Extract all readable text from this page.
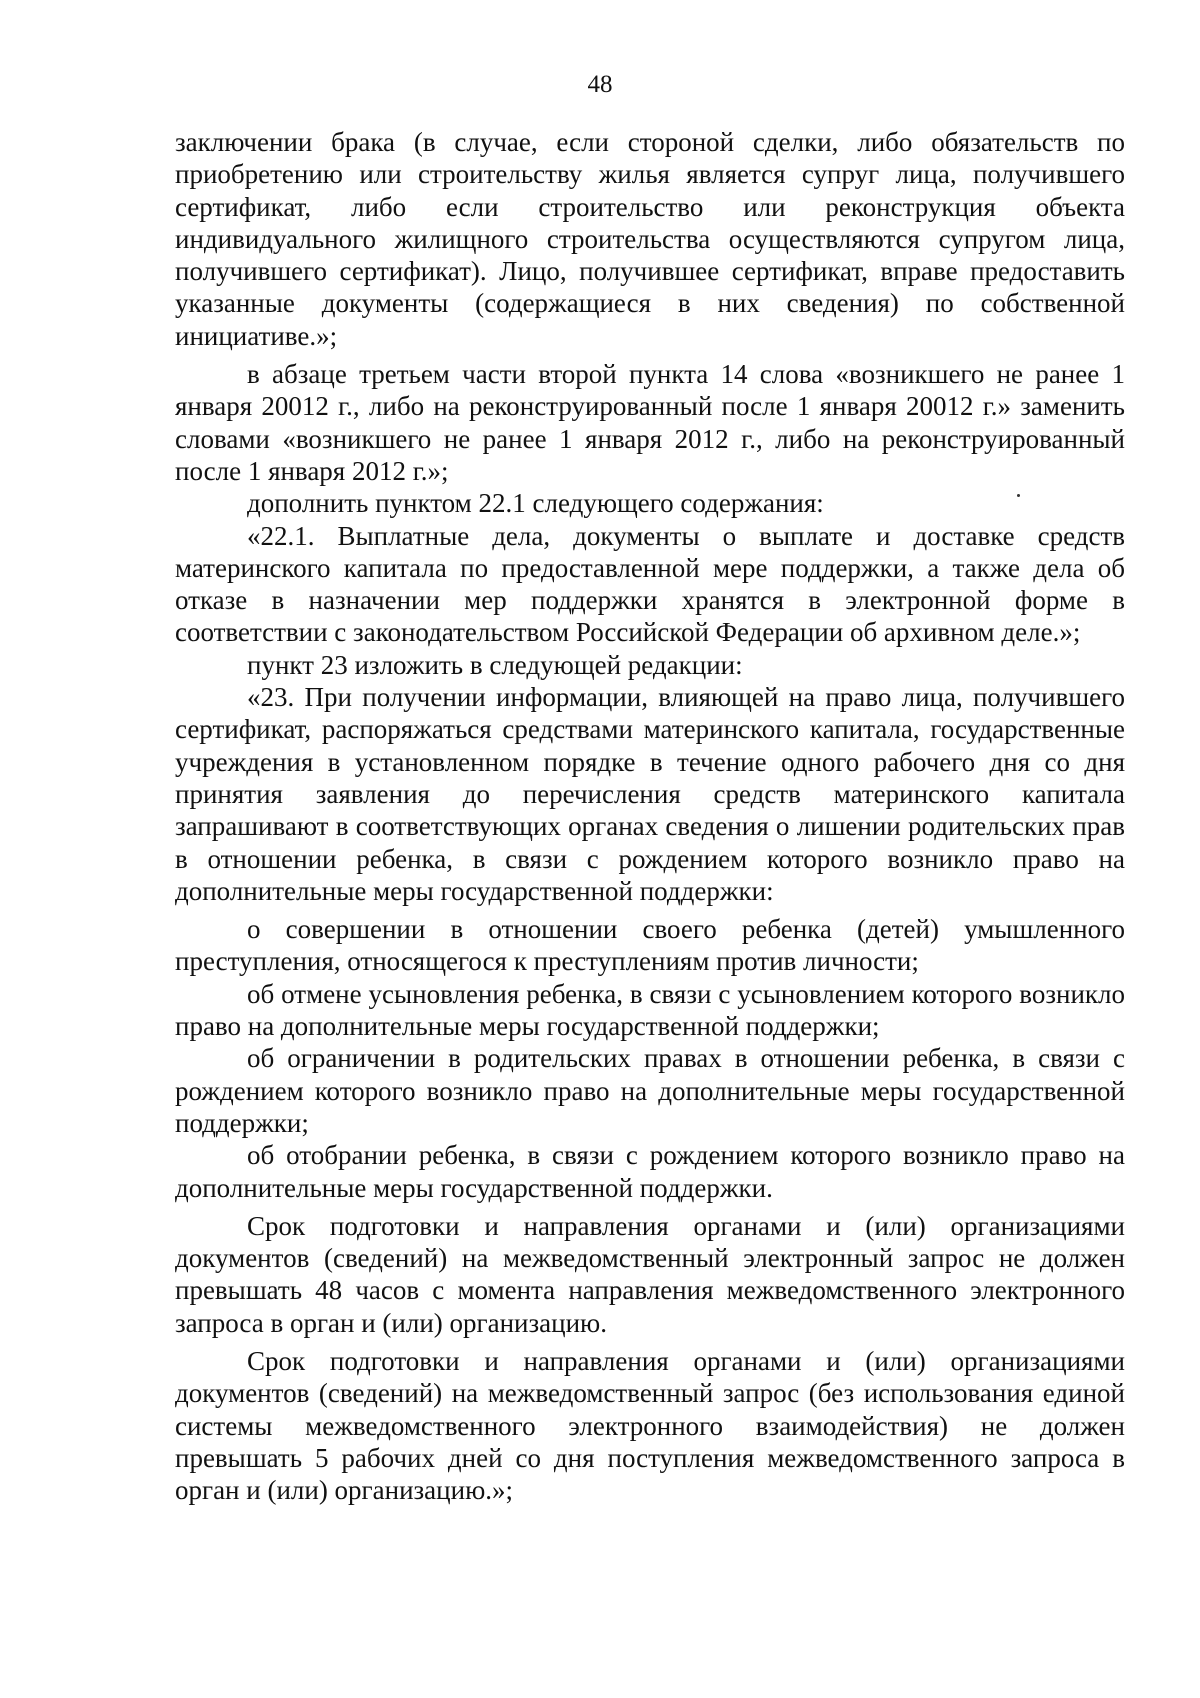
48

заключении брака (в случае, если стороной сделки, либо обязательств по приобретению или строительству жилья является супруг лица, получившего сертификат, либо если строительство или реконструкция объекта индивидуального жилищного строительства осуществляются супругом лица, получившего сертификат). Лицо, получившее сертификат, вправе предоставить указанные документы (содержащиеся в них сведения) по собственной инициативе.»;

в абзаце третьем части второй пункта 14 слова «возникшего не ранее 1 января 20012 г., либо на реконструированный после 1 января 20012 г.» заменить словами «возникшего не ранее 1 января 2012 г., либо на реконструированный после 1 января 2012 г.»;

дополнить пунктом 22.1 следующего содержания:

«22.1. Выплатные дела, документы о выплате и доставке средств материнского капитала по предоставленной мере поддержки, а также дела об отказе в назначении мер поддержки хранятся в электронной форме в соответствии с законодательством Российской Федерации об архивном деле.»;

пункт 23 изложить в следующей редакции:

«23. При получении информации, влияющей на право лица, получившего сертификат, распоряжаться средствами материнского капитала, государственные учреждения в установленном порядке в течение одного рабочего дня со дня принятия заявления до перечисления средств материнского капитала запрашивают в соответствующих органах сведения о лишении родительских прав в отношении ребенка, в связи с рождением которого возникло право на дополнительные меры государственной поддержки:

о совершении в отношении своего ребенка (детей) умышленного преступления, относящегося к преступлениям против личности;

об отмене усыновления ребенка, в связи с усыновлением которого возникло право на дополнительные меры государственной поддержки;

об ограничении в родительских правах в отношении ребенка, в связи с рождением которого возникло право на дополнительные меры государственной поддержки;

об отобрании ребенка, в связи с рождением которого возникло право на дополнительные меры государственной поддержки.

Срок подготовки и направления органами и (или) организациями документов (сведений) на межведомственный электронный запрос не должен превышать 48 часов с момента направления межведомственного электронного запроса в орган и (или) организацию.

Срок подготовки и направления органами и (или) организациями документов (сведений) на межведомственный запрос (без использования единой системы межведомственного электронного взаимодействия) не должен превышать 5 рабочих дней со дня поступления межведомственного запроса в орган и (или) организацию.»;
